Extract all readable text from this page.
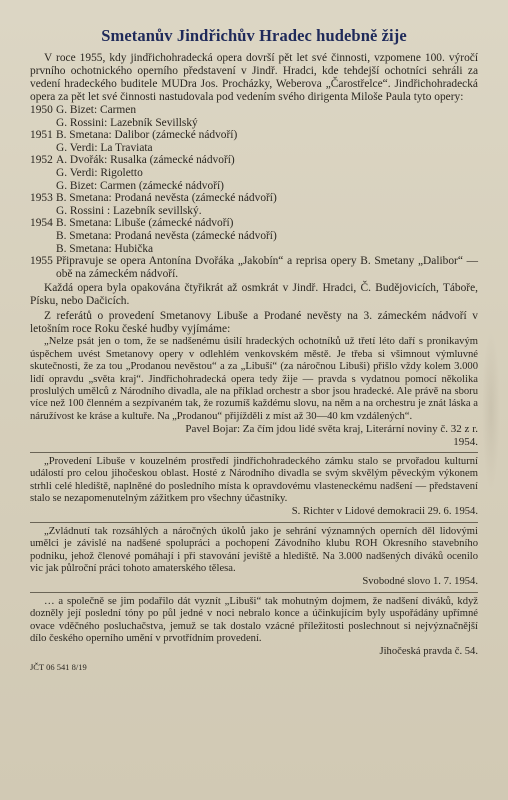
Smetanův Jindřichův Hradec hudebně žije

V roce 1955, kdy jindřichohradecká opera dovrší pět let své činnosti, vzpomene 100. výročí prvního ochotnického operního představení v Jindř. Hradci, kde tehdejší ochotníci sehráli za vedení hradeckého buditele MUDra Jos. Procházky, Weberova „Čarostřelce“. Jindřichohradecká opera za pět let své činnosti nastudovala pod vedením svého dirigenta Miloše Paula tyto opery:

1950 G. Bizet: Carmen
G. Rossini: Lazebník Sevillský
1951 B. Smetana: Dalibor (zámecké nádvoří)
G. Verdi: La Traviata
1952 A. Dvořák: Rusalka (zámecké nádvoří)
G. Verdi: Rigoletto
G. Bizet: Carmen (zámecké nádvoří)
1953 B. Smetana: Prodaná nevěsta (zámecké nádvoří)
G. Rossini : Lazebník sevillský.
1954 B. Smetana: Libuše (zámecké nádvoří)
B. Smetana: Prodaná nevěsta (zámecké nádvoří)
B. Smetana: Hubička
1955 Připravuje se opera Antonína Dvořáka „Jakobín“ a reprisa opery B. Smetany „Dalibor“ — obě na zámeckém nádvoří.

Každá opera byla opakována čtyřikrát až osmkrát v Jindř. Hradci, Č. Budějovicích, Táboře, Písku, nebo Dačicích.

Z referátů o provedení Smetanovy Libuše a Prodané nevěsty na 3. zámeckém nádvoří v letošním roce Roku české hudby vyjímáme:

„Nelze psát jen o tom, že se nadšenému úsilí hradeckých ochotníků už třetí léto daří s pronikavým úspěchem uvést Smetanovy opery v odlehlém venkovském městě. Je třeba si všimnout výmluvné skutečnosti, že za tou „Prodanou nevěstou“ a za „Libuší“ (za náročnou Libuši) přišlo vždy kolem 3.000 lidí opravdu „světa kraj“. Jindřichohradecká opera tedy žije — pravda s vydatnou pomocí několika proslulých umělců z Národního divadla, ale na příklad orchestr a sbor jsou hradecké. Ale právě na sboru více než 100 členném a sezpívaném tak, že rozumíš každému slovu, na něm a na orchestru je znát láska a náružívost ke kráse a kultuře. Na „Prodanou“ přijížděli z míst až 30—40 km vzdálených“.

Pavel Bojar: Za čím jdou lidé světa kraj, Literární noviny č. 32 z r. 1954.

„Provedení Libuše v kouzelném prostředí jindřichohradeckého zámku stalo se prvořadou kulturní událostí pro celou jihočeskou oblast. Hosté z Národního divadla se svým skvělým pěveckým výkonem strhli celé hlediště, naplněné do posledního místa k opravdovému vlasteneckému nadšení — představení stalo se nezapomenutelným zážitkem pro všechny účastníky.

S. Richter v Lidové demokracii 29. 6. 1954.

„Zvládnutí tak rozsáhlých a náročných úkolů jako je sehrání významných operních děl lidovými umělci je závislé na nadšené spolupráci a pochopení Závodního klubu ROH Okresního stavebního podniku, jehož členové pomáhají i při stavování jeviště a hlediště. Na 3.000 nadšených diváků ocenilo vic jak půlroční práci tohoto amaterského tělesa.

Svobodné slovo 1. 7. 1954.

… a společně se jim podařilo dát vyznít „Libuši“ tak mohutným dojmem, že nadšení diváků, když dozněly její poslední tóny po půl jedné v noci nebralo konce a účinkujícím byly uspořádány upřímné ovace vděčného posluchačstva, jemuž se tak dostalo vzácné příležitosti poslechnout si nejvýznačnější dílo českého operního umění v prvotřídním provedení.

Jihočeská pravda č. 54.

JČT 06 541 8/19
